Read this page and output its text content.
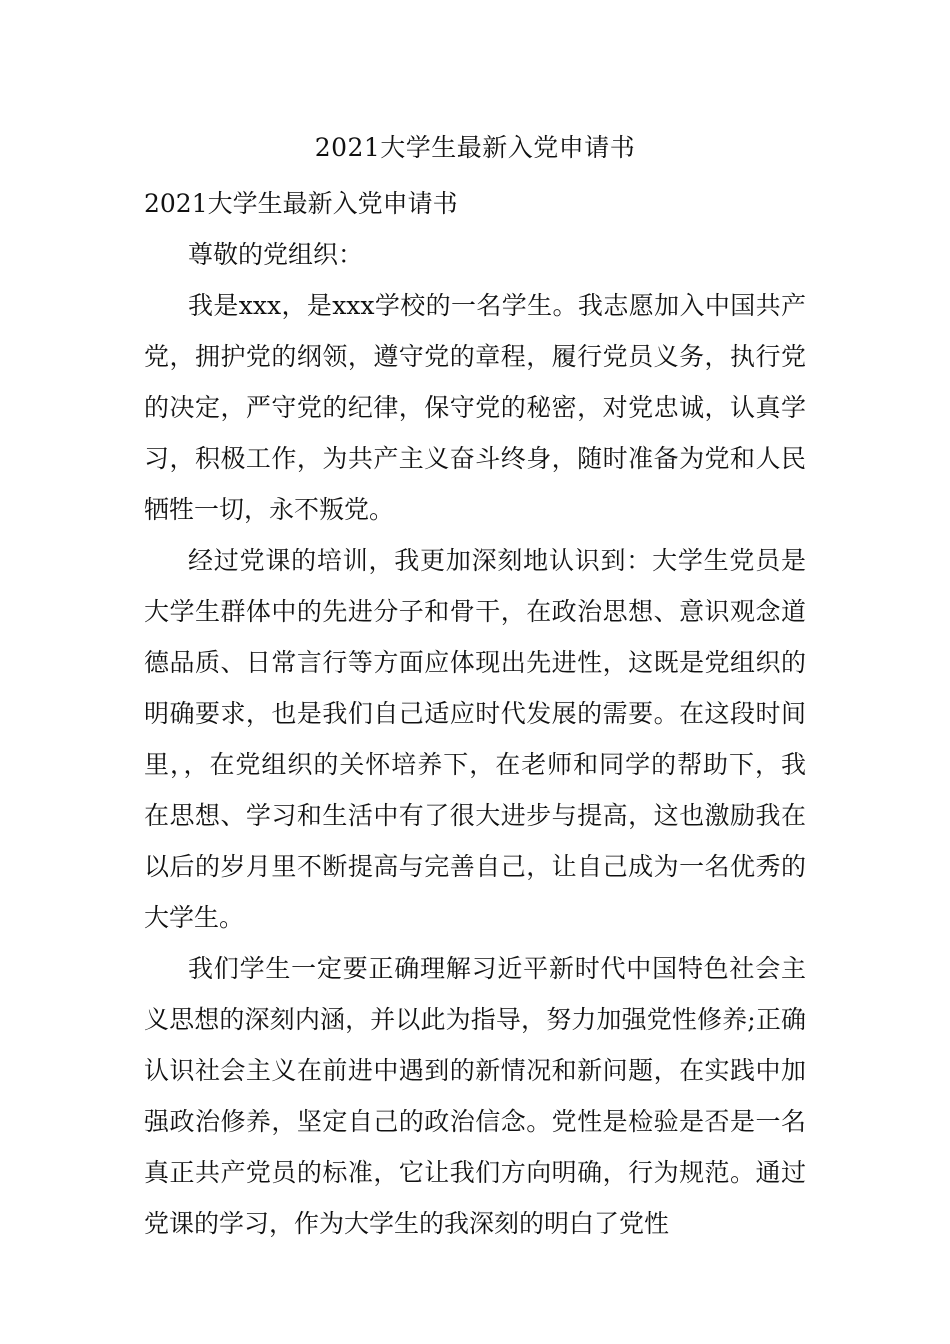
2021大学生最新入党申请书

2021大学生最新入党申请书

尊敬的党组织：

我是xxx，是xxx学校的一名学生。我志愿加入中国共产党，拥护党的纲领，遵守党的章程，履行党员义务，执行党的决定，严守党的纪律，保守党的秘密，对党忠诚，认真学习，积极工作，为共产主义奋斗终身，随时准备为党和人民牺牲一切，永不叛党。

经过党课的培训，我更加深刻地认识到：大学生党员是大学生群体中的先进分子和骨干，在政治思想、意识观念道德品质、日常言行等方面应体现出先进性，这既是党组织的明确要求，也是我们自己适应时代发展的需要。在这段时间里，，在党组织的关怀培养下，在老师和同学的帮助下，我在思想、学习和生活中有了很大进步与提高，这也激励我在以后的岁月里不断提高与完善自己，让自己成为一名优秀的大学生。

我们学生一定要正确理解习近平新时代中国特色社会主义思想的深刻内涵，并以此为指导，努力加强党性修养;正确认识社会主义在前进中遇到的新情况和新问题，在实践中加强政治修养，坚定自己的政治信念。党性是检验是否是一名真正共产党员的标准，它让我们方向明确，行为规范。通过党课的学习，作为大学生的我深刻的明白了党性
